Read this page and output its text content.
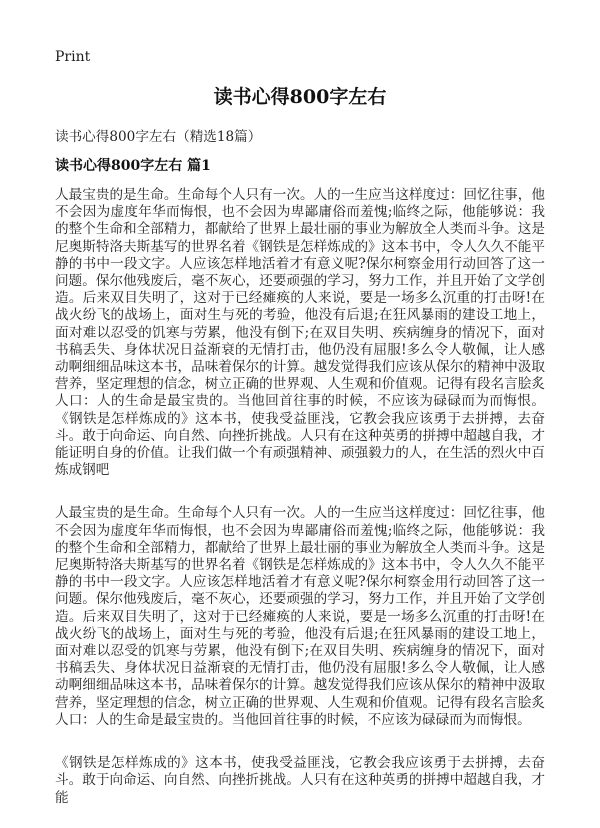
Print
读书心得800字左右

读书心得800字左右（精选18篇）

读书心得800字左右 篇1

人最宝贵的是生命。生命每个人只有一次。人的一生应当这样度过：回忆往事，他不会因为虚度年华而悔恨，也不会因为卑鄙庸俗而羞愧;临终之际，他能够说：我的整个生命和全部精力，都献给了世界上最壮丽的事业为解放全人类而斗争。这是尼奥斯特洛夫斯基写的世界名着《钢铁是怎样炼成的》这本书中，令人久久不能平静的书中一段文字。人应该怎样地活着才有意义呢?保尔柯察金用行动回答了这一问题。保尔他残废后，毫不灰心，还要顽强的学习，努力工作，并且开始了文学创造。后来双目失明了，这对于已经瘫痪的人来说，要是一场多么沉重的打击呀!在战火纷飞的战场上，面对生与死的考验，他没有后退;在狂风暴雨的建设工地上，面对难以忍受的饥寒与劳累，他没有倒下;在双目失明、疾病缠身的情况下，面对书稿丢失、身体状况日益渐衰的无情打击，他仍没有屈服!多么令人敬佩，让人感动啊细细品味这本书，品味着保尔的计算。越发觉得我们应该从保尔的精神中汲取营养，坚定理想的信念，树立正确的世界观、人生观和价值观。记得有段名言脍炙人口：人的生命是最宝贵的。当他回首往事的时候，不应该为碌碌而为而悔恨。《钢铁是怎样炼成的》这本书，使我受益匪浅，它教会我应该勇于去拼搏，去奋斗。敢于向命运、向自然、向挫折挑战。人只有在这种英勇的拼搏中超越自我，才能证明自身的价值。让我们做一个有顽强精神、顽强毅力的人，在生活的烈火中百炼成钢吧

人最宝贵的是生命。生命每个人只有一次。人的一生应当这样度过：回忆往事，他不会因为虚度年华而悔恨，也不会因为卑鄙庸俗而羞愧;临终之际，他能够说：我的整个生命和全部精力，都献给了世界上最壮丽的事业为解放全人类而斗争。这是尼奥斯特洛夫斯基写的世界名着《钢铁是怎样炼成的》这本书中，令人久久不能平静的书中一段文字。人应该怎样地活着才有意义呢?保尔柯察金用行动回答了这一问题。保尔他残废后，毫不灰心，还要顽强的学习，努力工作，并且开始了文学创造。后来双目失明了，这对于已经瘫痪的人来说，要是一场多么沉重的打击呀!在战火纷飞的战场上，面对生与死的考验，他没有后退;在狂风暴雨的建设工地上，面对难以忍受的饥寒与劳累，他没有倒下;在双目失明、疾病缠身的情况下，面对书稿丢失、身体状况日益渐衰的无情打击，他仍没有屈服!多么令人敬佩，让人感动啊细细品味这本书，品味着保尔的计算。越发觉得我们应该从保尔的精神中汲取营养，坚定理想的信念，树立正确的世界观、人生观和价值观。记得有段名言脍炙人口：人的生命是最宝贵的。当他回首往事的时候，不应该为碌碌而为而悔恨。

《钢铁是怎样炼成的》这本书，使我受益匪浅，它教会我应该勇于去拼搏，去奋斗。敢于向命运、向自然、向挫折挑战。人只有在这种英勇的拼搏中超越自我，才能
